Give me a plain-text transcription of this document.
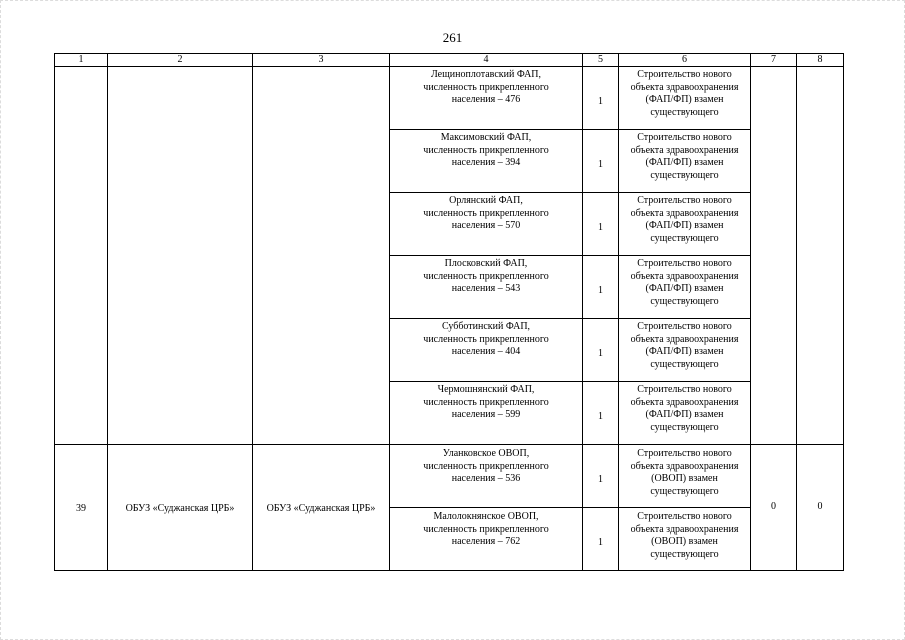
261
1	2	3	4	5	6	7	8

			Лещиноплотавский ФАП,
численность прикрепленного
населения – 476	1	Строительство нового
объекта здравоохранения
(ФАП/ФП) взамен
существующего		

			Максимовский ФАП,
численность прикрепленного
населения – 394	1	Строительство нового
объекта здравоохранения
(ФАП/ФП) взамен
существующего		

			Орлянский ФАП,
численность прикрепленного
населения – 570	1	Строительство нового
объекта здравоохранения
(ФАП/ФП) взамен
существующего		

			Плосковский ФАП,
численность прикрепленного
населения – 543	1	Строительство нового
объекта здравоохранения
(ФАП/ФП) взамен
существующего		

			Субботинский ФАП,
численность прикрепленного
населения – 404	1	Строительство нового
объекта здравоохранения
(ФАП/ФП) взамен
существующего		

			Чермошнянский ФАП,
численность прикрепленного
населения – 599	1	Строительство нового
объекта здравоохранения
(ФАП/ФП) взамен
существующего		

39	ОБУЗ «Суджанская ЦРБ»	ОБУЗ «Суджанская ЦРБ»	Уланковское ОВОП,
численность прикрепленного
населения – 536	1	Строительство нового
объекта здравоохранения
(ОВОП) взамен
существующего	0	0

			Малолокнянское ОВОП,
численность прикрепленного
населения – 762	1	Строительство нового
объекта здравоохранения
(ОВОП) взамен
существующего		
